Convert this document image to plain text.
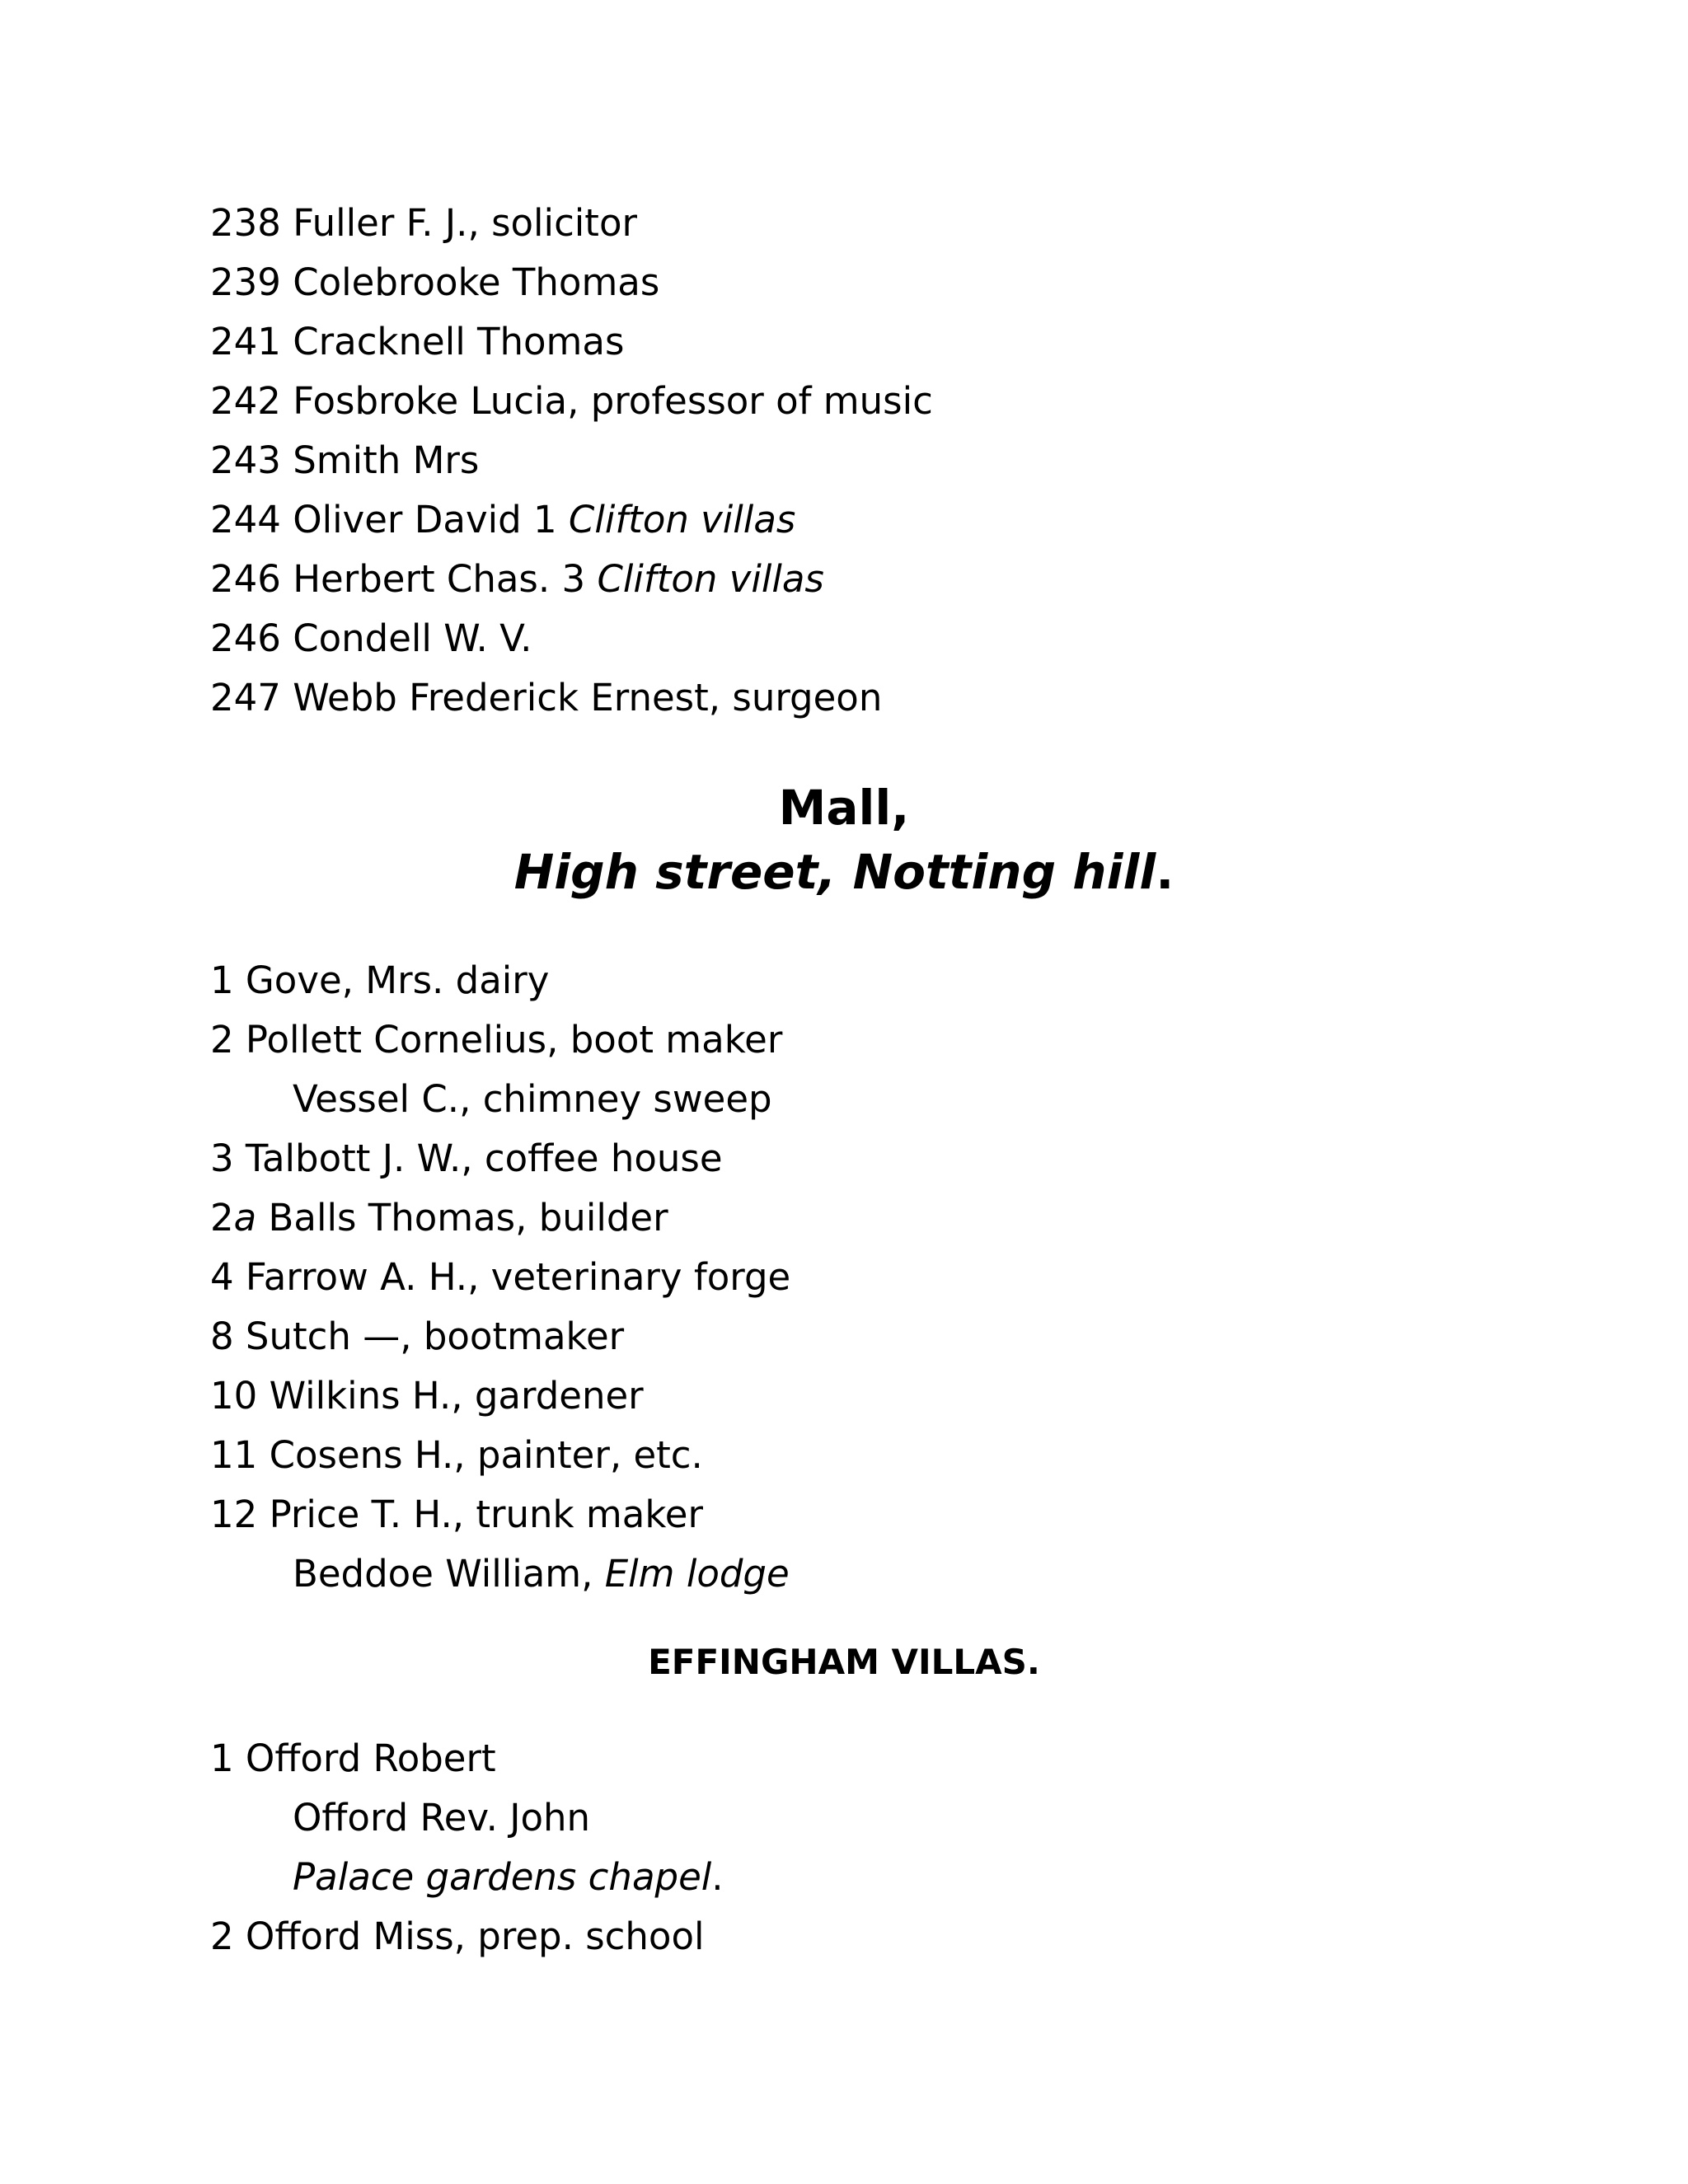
238 Fuller F. J., solicitor
239 Colebrooke Thomas
241 Cracknell Thomas
242 Fosbroke Lucia, professor of music
243 Smith Mrs
244 Oliver David 1 Clifton villas
246 Herbert Chas. 3 Clifton villas
246 Condell W. V.
247 Webb Frederick Ernest, surgeon
Mall,
High street, Notting hill.
1 Gove, Mrs. dairy
2 Pollett Cornelius, boot maker
Vessel C., chimney sweep
3 Talbott J. W., coffee house
2a Balls Thomas, builder
4 Farrow A. H., veterinary forge
8 Sutch —, bootmaker
10 Wilkins H., gardener
11 Cosens H., painter, etc.
12 Price T. H., trunk maker
Beddoe William, Elm lodge
EFFINGHAM VILLAS.
1 Offord Robert
Offord Rev. John
Palace gardens chapel.
2 Offord Miss, prep. school
